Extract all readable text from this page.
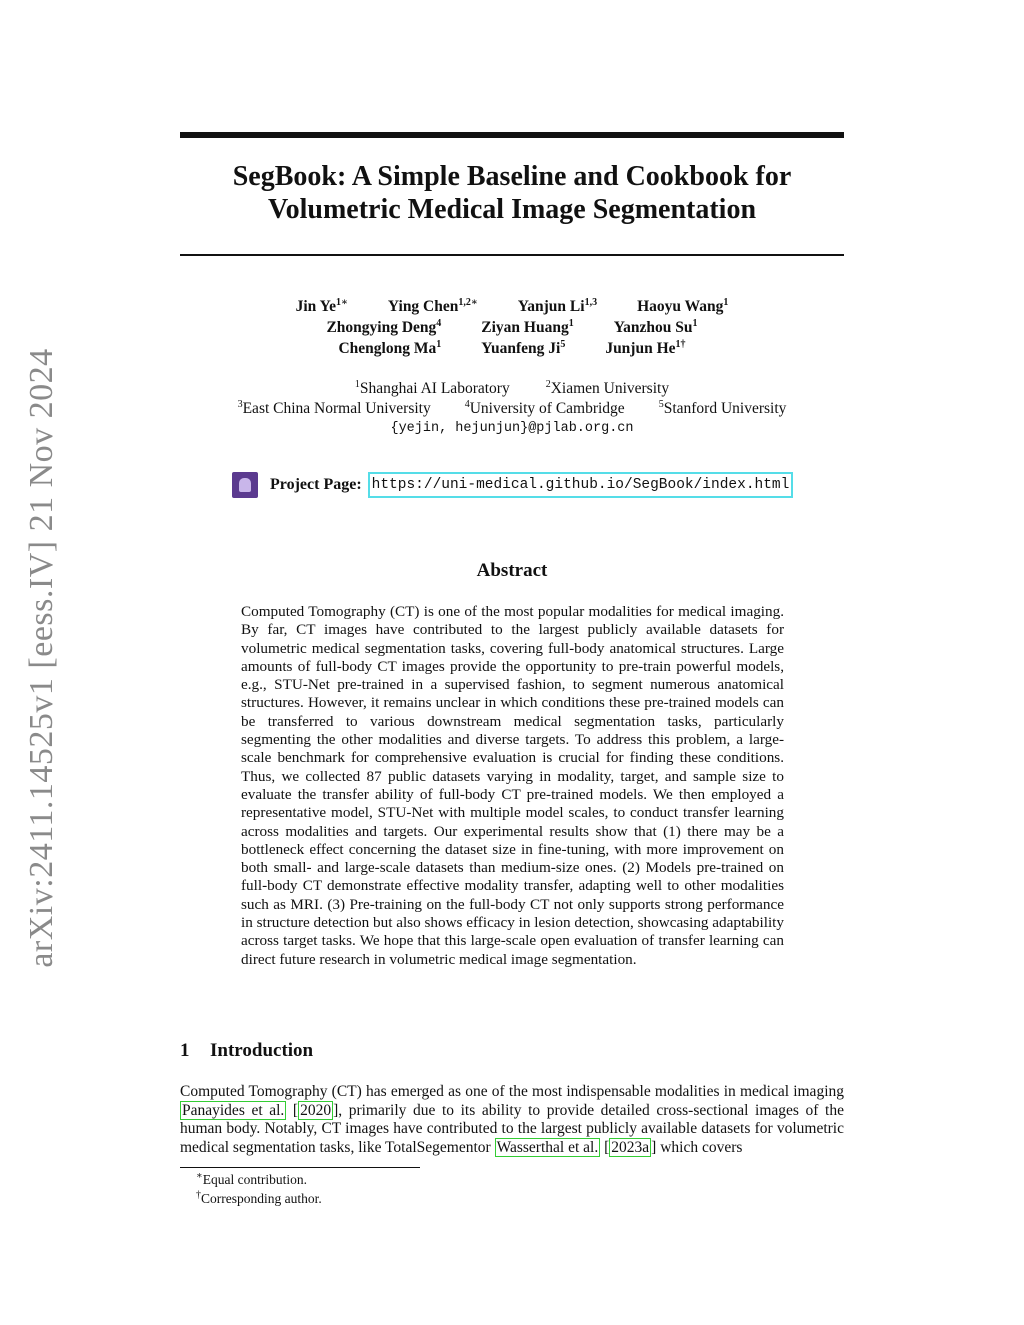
arXiv:2411.14525v1 [eess.IV] 21 Nov 2024
SegBook: A Simple Baseline and Cookbook for
Volumetric Medical Image Segmentation
Jin $Ye^{1∗}$	Ying Chen$^{1,2∗}$	Yanjun Li$^{1,3}$	Haoyu Wang$^1$
Zhongying Deng$^4$	Ziyan Huang$^1$	Yanzhou Su$^1$
Chenglong Ma$^1$	Yuanfeng Ji$^5$	Junjun $He^{1\dagger}$
$^1$Shanghai AI Laboratory	$^2$Xiamen University
$^3$East China Normal University	$^4$University of Cambridge	$^5$Stanford University
{yejin, hejunjun}@pjlab.org.cn
Project Page: https://uni-medical.github.io/SegBook/index.html
Abstract

Computed Tomography (CT) is one of the most popular modalities for medical imaging. By far, CT images have contributed to the largest publicly available datasets for volumetric medical segmentation tasks, covering full-body anatomical structures. Large amounts of full-body CT images provide the opportunity to pre-train powerful models, e.g., STU-Net pre-trained in a supervised fashion, to segment numerous anatomical structures. However, it remains unclear in which conditions these pre-trained models can be transferred to various downstream medical segmentation tasks, particularly segmenting the other modalities and diverse targets. To address this problem, a large-scale benchmark for comprehensive evaluation is crucial for finding these conditions. Thus, we collected 87 public datasets varying in modality, target, and sample size to evaluate the transfer ability of full-body CT pre-trained models. We then employed a representative model, STU-Net with multiple model scales, to conduct transfer learning across modalities and targets. Our experimental results show that (1) there may be a bottleneck effect concerning the dataset size in fine-tuning, with more improvement on both small- and large-scale datasets than medium-size ones. (2) Models pre-trained on full-body CT demonstrate effective modality transfer, adapting well to other modalities such as MRI. (3) Pre-training on the full-body CT not only supports strong performance in structure detection but also shows efficacy in lesion detection, showcasing adaptability across target tasks. We hope that this large-scale open evaluation of transfer learning can direct future research in volumetric medical image segmentation.

1 Introduction

Computed Tomography (CT) has emerged as one of the most indispensable modalities in medical imaging Panayides et al. [ 2020 ], primarily due to its ability to provide detailed cross-sectional images of the human body. Notably, CT images have contributed to the largest publicly available datasets for volumetric medical segmentation tasks, like TotalSegementor Wasserthal et al. [ 2023a ] which covers

∗Equal contribution.
†Corresponding author.
